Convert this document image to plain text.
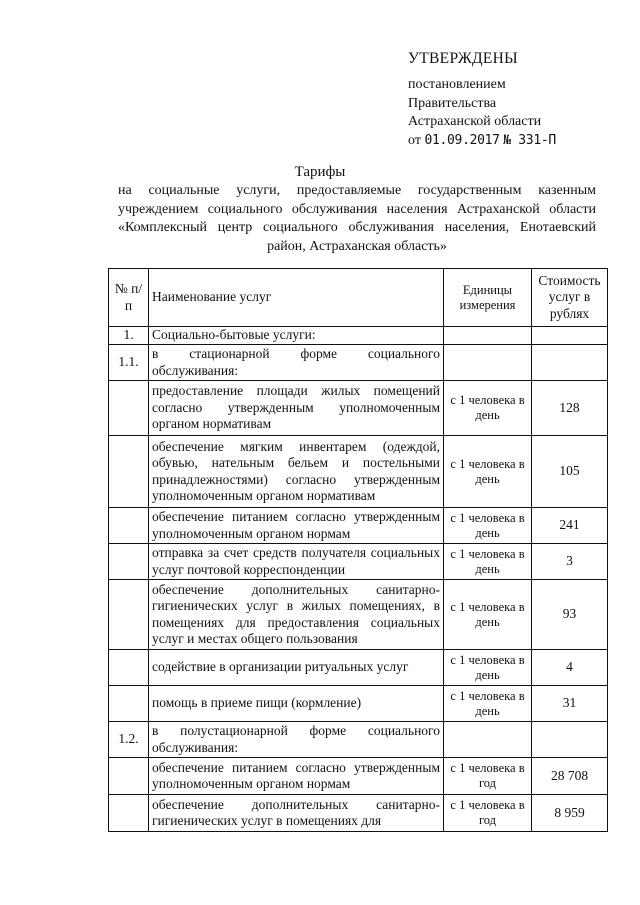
УТВЕРЖДЕНЫ
постановлением
Правительства
Астраханской области
от 01.09.2017 № 331-П
Тарифы
на социальные услуги, предоставляемые государственным казенным учреждением социального обслуживания населения Астраханской области «Комплексный центр социального обслуживания населения, Енотаевский район, Астраханская область»
№ п/п	Наименование услуг	Единицы измерения	Стоимость услуг в рублях
1.	Социально-бытовые услуги:		
1.1.	в стационарной форме социального обслуживания:		
	предоставление площади жилых помещений согласно утвержденным уполномоченным органом нормативам	с 1 человека в день	128
	обеспечение мягким инвентарем (одеждой, обувью, нательным бельем и постельными принадлежностями) согласно утвержденным уполномоченным органом нормативам	с 1 человека в день	105
	обеспечение питанием согласно утвержденным уполномоченным органом нормам	с 1 человека в день	241
	отправка за счет средств получателя социальных услуг почтовой корреспонденции	с 1 человека в день	3
	обеспечение дополнительных санитарно-гигиенических услуг в жилых помещениях, в помещениях для предоставления социальных услуг и местах общего пользования	с 1 человека в день	93
	содействие в организации ритуальных услуг	с 1 человека в день	4
	помощь в приеме пищи (кормление)	с 1 человека в день	31
1.2.	в полустационарной форме социального обслуживания:		
	обеспечение питанием согласно утвержденным уполномоченным органом нормам	с 1 человека в год	28 708
	обеспечение дополнительных санитарно-гигиенических услуг в помещениях для	с 1 человека в год	8 959
